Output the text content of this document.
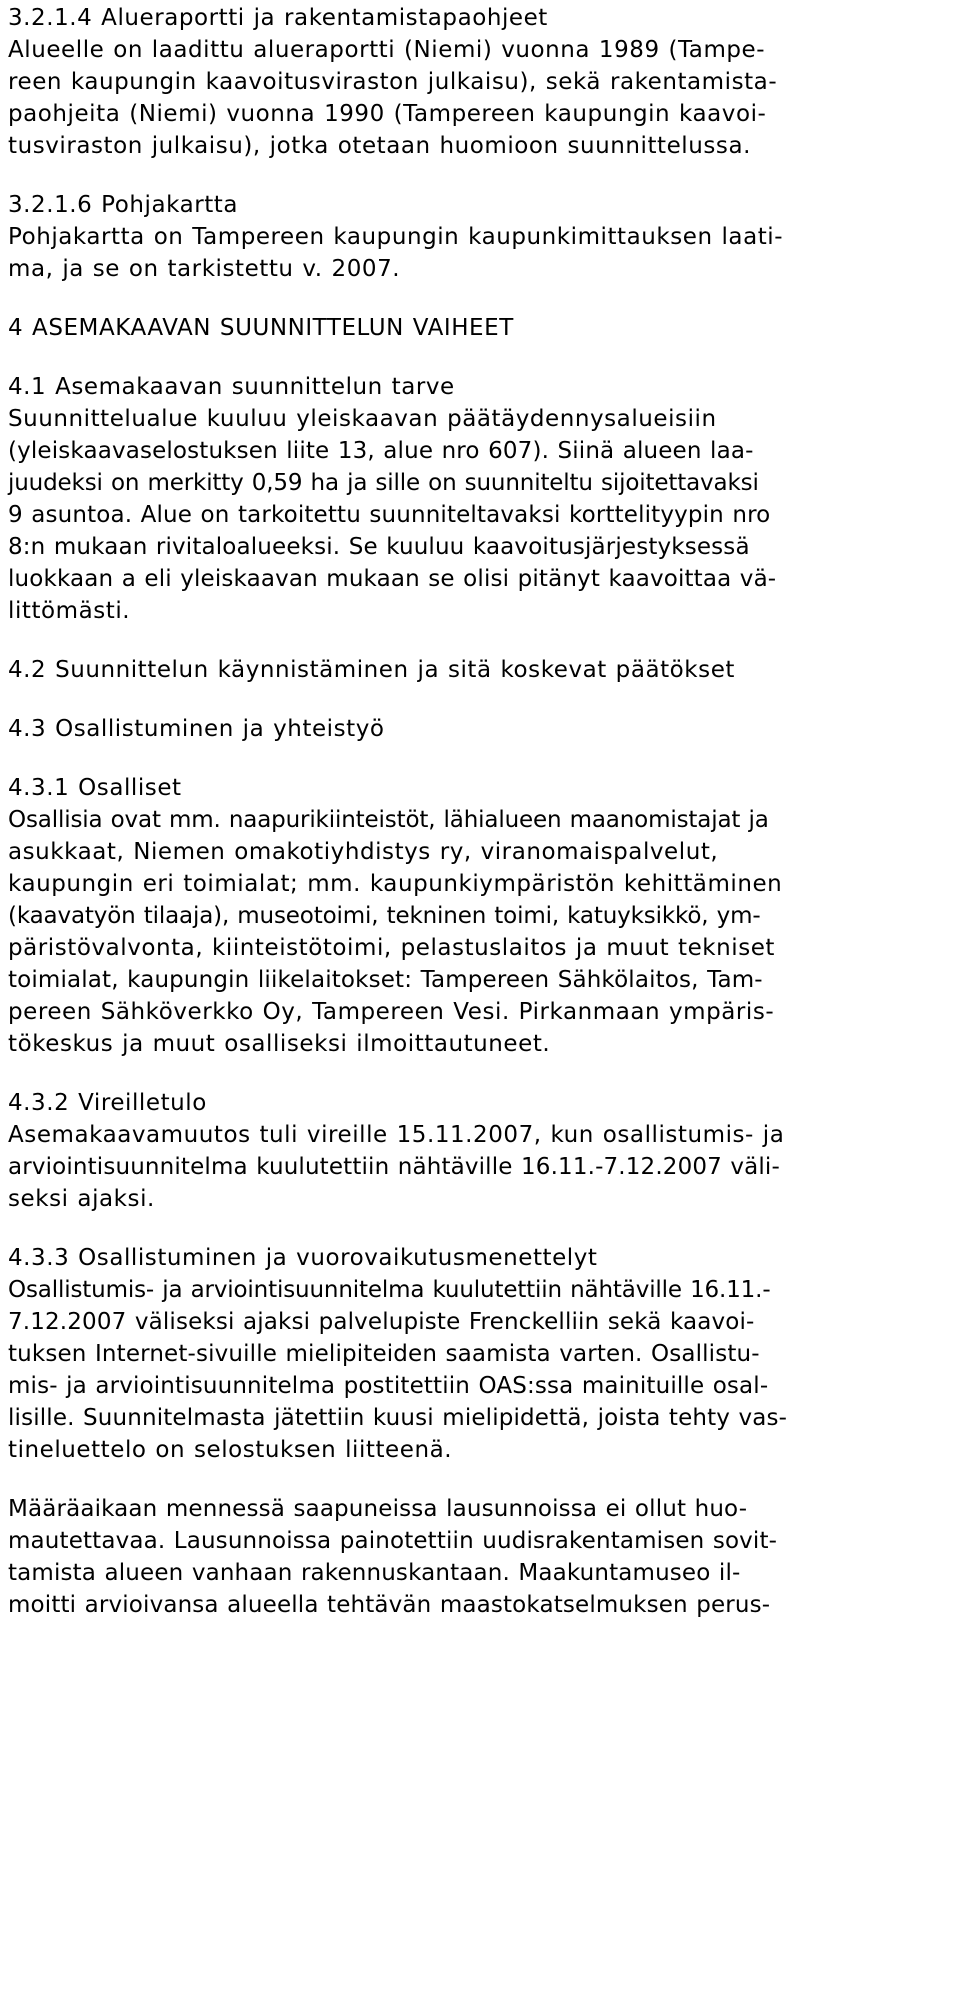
3.2.1.4 Alueraportti ja rakentamistapaohjeet

Alueelle on laadittu alueraportti (Niemi) vuonna 1989 (Tampe-

reen kaupungin kaavoitusviraston julkaisu), sekä rakentamista-

paohjeita (Niemi) vuonna 1990 (Tampereen kaupungin kaavoi-

tusviraston julkaisu), jotka otetaan huomioon suunnittelussa.

3.2.1.6 Pohjakartta

Pohjakartta on Tampereen kaupungin kaupunkimittauksen laati-

ma, ja se on tarkistettu v. 2007.

4 ASEMAKAAVAN SUUNNITTELUN VAIHEET

4.1 Asemakaavan suunnittelun tarve

Suunnittelualue kuuluu yleiskaavan päätäydennysalueisiin

(yleiskaavaselostuksen liite 13, alue nro 607). Siinä alueen laa-

juudeksi on merkitty 0,59 ha ja sille on suunniteltu sijoitettavaksi

9 asuntoa. Alue on tarkoitettu suunniteltavaksi korttelityypin nro

8:n mukaan rivitaloalueeksi. Se kuuluu kaavoitusjärjestyksessä

luokkaan a eli yleiskaavan mukaan se olisi pitänyt kaavoittaa vä-

littömästi.

4.2 Suunnittelun käynnistäminen ja sitä koskevat päätökset

4.3 Osallistuminen ja yhteistyö

4.3.1 Osalliset

Osallisia ovat mm. naapurikiinteistöt, lähialueen maanomistajat ja

asukkaat, Niemen omakotiyhdistys ry, viranomaispalvelut,

kaupungin eri toimialat; mm. kaupunkiympäristön kehittäminen

(kaavatyön tilaaja), museotoimi, tekninen toimi, katuyksikkö, ym-

päristövalvonta, kiinteistötoimi, pelastuslaitos ja muut tekniset

toimialat, kaupungin liikelaitokset: Tampereen Sähkölaitos, Tam-

pereen Sähköverkko Oy, Tampereen Vesi. Pirkanmaan ympäris-

tökeskus ja muut osalliseksi ilmoittautuneet.

4.3.2 Vireilletulo

Asemakaavamuutos tuli vireille 15.11.2007, kun osallistumis- ja

arviointisuunnitelma kuulutettiin nähtäville 16.11.-7.12.2007 väli-

seksi ajaksi.

4.3.3 Osallistuminen ja vuorovaikutusmenettelyt

Osallistumis- ja arviointisuunnitelma kuulutettiin nähtäville 16.11.-

7.12.2007 väliseksi ajaksi palvelupiste Frenckelliin sekä kaavoi-

tuksen Internet-sivuille mielipiteiden saamista varten. Osallistu-

mis- ja arviointisuunnitelma postitettiin OAS:ssa mainituille osal-

lisille. Suunnitelmasta jätettiin kuusi mielipidettä, joista tehty vas-

tineluettelo on selostuksen liitteenä.

Määräaikaan mennessä saapuneissa lausunnoissa ei ollut huo-

mautettavaa. Lausunnoissa painotettiin uudisrakentamisen sovit-

tamista alueen vanhaan rakennuskantaan. Maakuntamuseo il-

moitti arvioivansa alueella tehtävän maastokatselmuksen perus-
